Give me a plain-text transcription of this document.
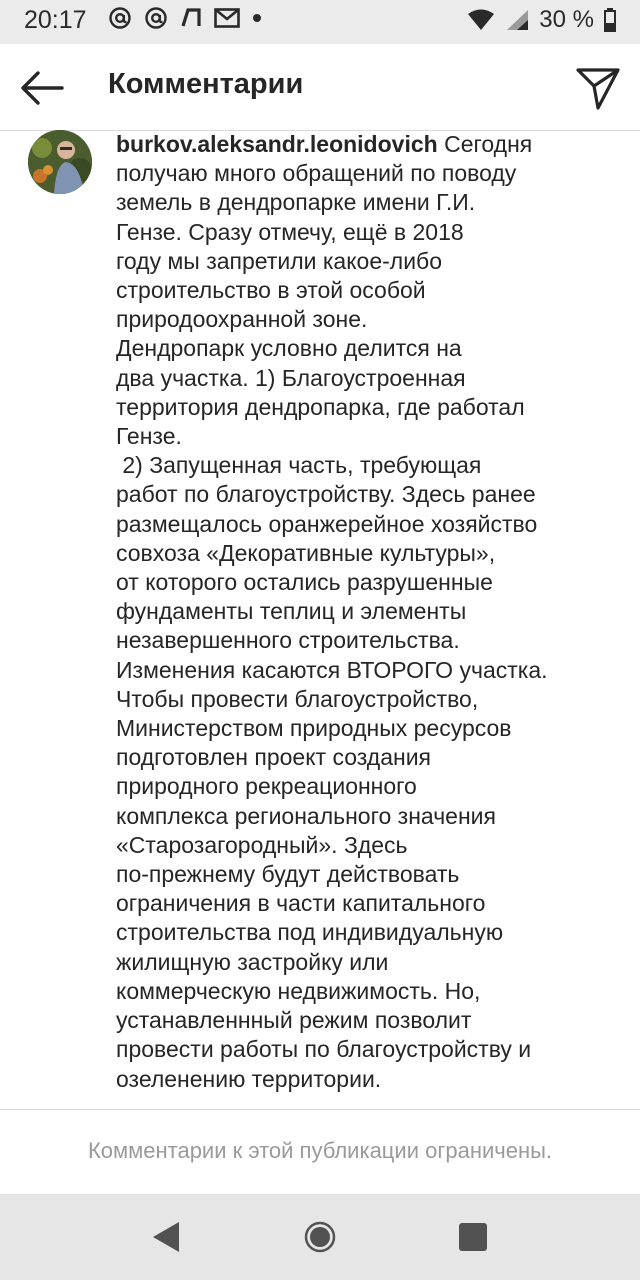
20:17	30 %
Комментарии
burkov.aleksandr.leonidovich Сегодня
получаю много обращений по поводу
земель в дендропарке имени Г.И.
Гензе. Сразу отмечу, ещё в 2018
году мы запретили какое-либо
строительство в этой особой
природоохранной зоне.
Дендропарк условно делится на
два участка. 1) Благоустроенная
территория дендропарка, где работал
Гензе.
2) Запущенная часть, требующая
работ по благоустройству. Здесь ранее
размещалось оранжерейное хозяйство
совхоза «Декоративные культуры»,
от которого остались разрушенные
фундаменты теплиц и элементы
незавершенного строительства.
Изменения касаются ВТОРОГО участка.
Чтобы провести благоустройство,
Министерством природных ресурсов
подготовлен проект создания
природного рекреационного
комплекса регионального значения
«Старозагородный». Здесь
по-прежнему будут действовать
ограничения в части капитального
строительства под индивидуальную
жилищную застройку или
коммерческую недвижимость. Но,
устанавленнный режим позволит
провести работы по благоустройству и
озеленению территории.
Комментарии к этой публикации ограничены.
